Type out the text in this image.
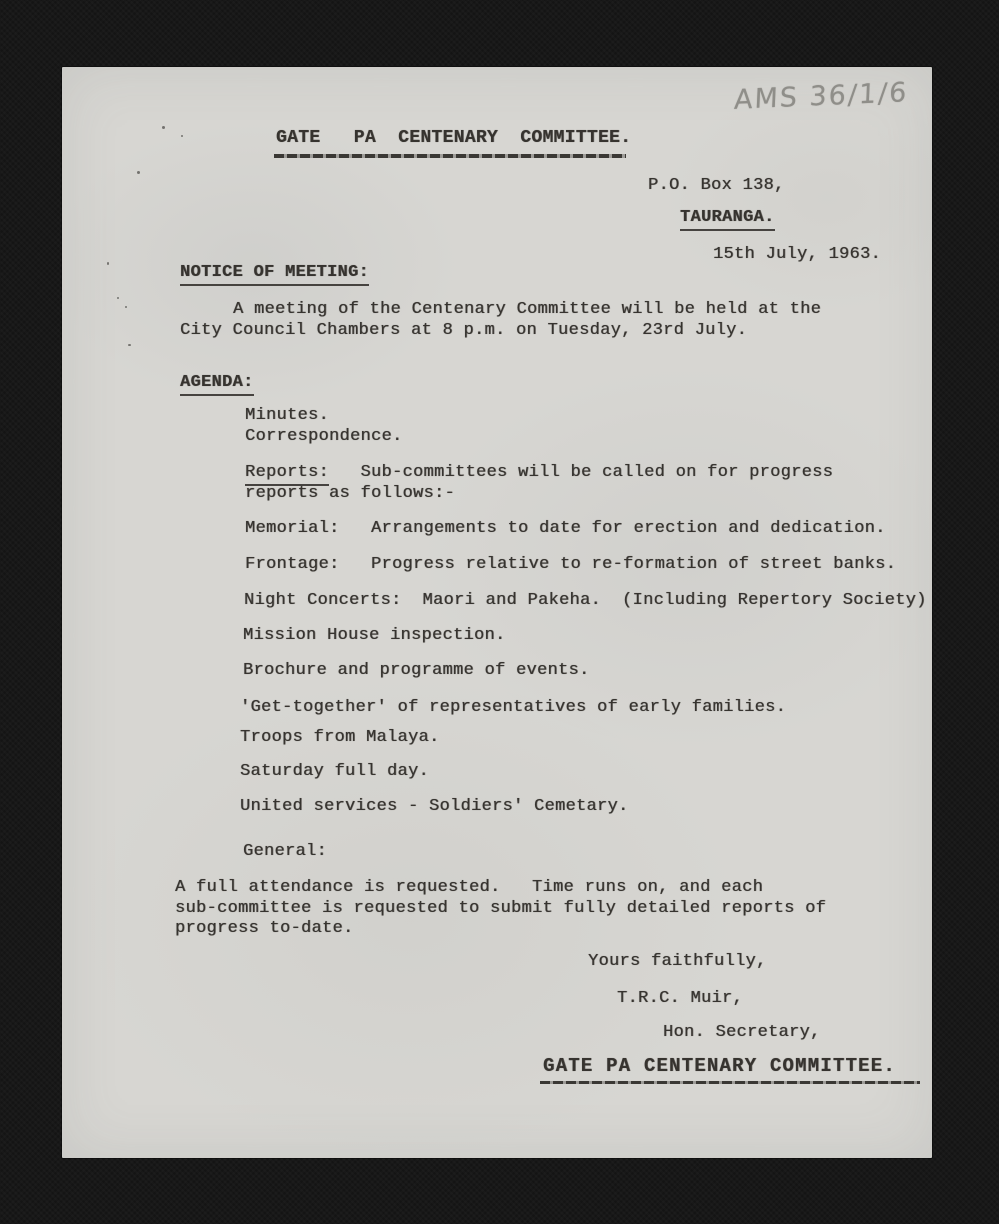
AMS 36/1/6
GATE   PA  CENTENARY  COMMITTEE.
P.O. Box 138,
TAURANGA.
15th July, 1963.
NOTICE OF MEETING:
A meeting of the Centenary Committee will be held at the
City Council Chambers at 8 p.m. on Tuesday, 23rd July.
AGENDA:
Minutes.
Correspondence.
Reports:   Sub-committees will be called on for progress
reports as follows:-
Memorial:   Arrangements to date for erection and dedication.
Frontage:   Progress relative to re-formation of street banks.
Night Concerts:  Maori and Pakeha.  (Including Repertory Society)
Mission House inspection.
Brochure and programme of events.
'Get-together' of representatives of early families.
Troops from Malaya.
Saturday full day.
United services - Soldiers' Cemetary.
General:
A full attendance is requested.   Time runs on, and each
sub-committee is requested to submit fully detailed reports of
progress to-date.
Yours faithfully,
T.R.C. Muir,
Hon. Secretary,
GATE PA CENTENARY COMMITTEE.
